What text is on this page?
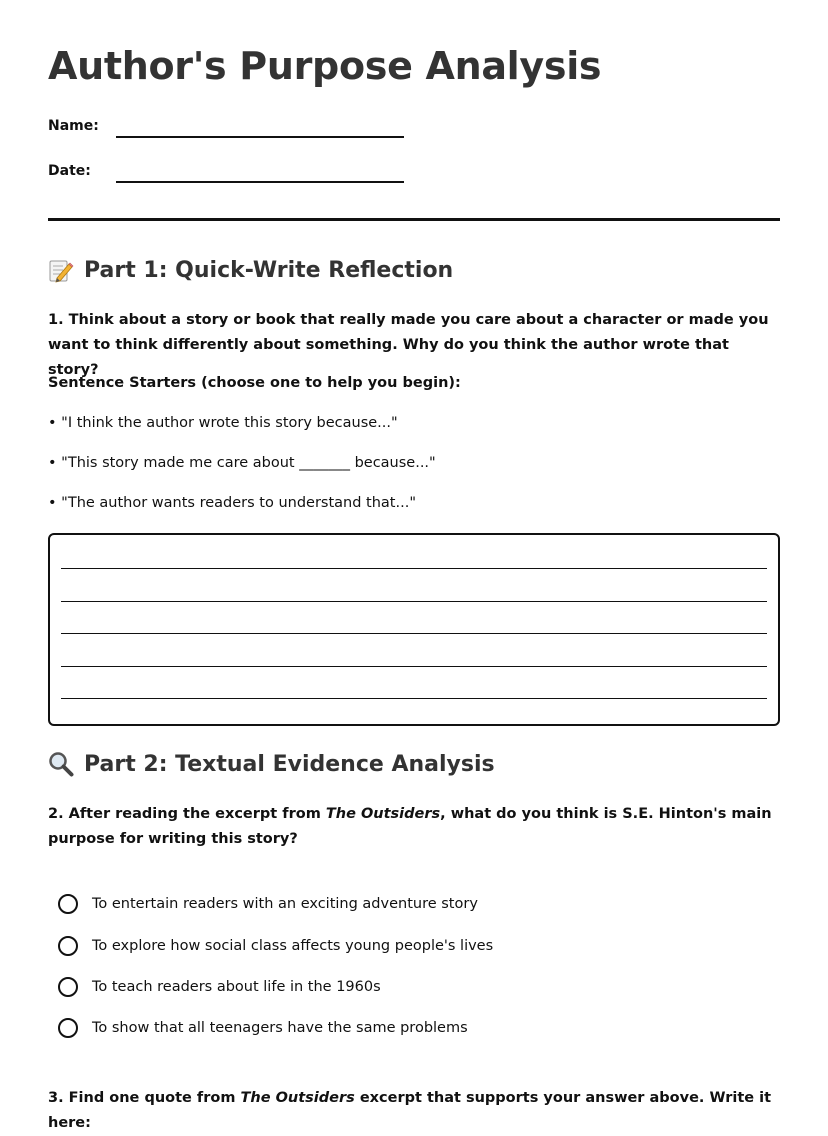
Author's Purpose Analysis
Name:
Date:
Part 1: Quick-Write Reflection
1. Think about a story or book that really made you care about a character or made you want to think differently about something. Why do you think the author wrote that story?
Sentence Starters (choose one to help you begin):
• "I think the author wrote this story because..."
• "This story made me care about _______ because..."
• "The author wants readers to understand that..."
Part 2: Textual Evidence Analysis
2. After reading the excerpt from The Outsiders, what do you think is S.E. Hinton's main purpose for writing this story?
To entertain readers with an exciting adventure story
To explore how social class affects young people's lives
To teach readers about life in the 1960s
To show that all teenagers have the same problems
3. Find one quote from The Outsiders excerpt that supports your answer above. Write it here:
